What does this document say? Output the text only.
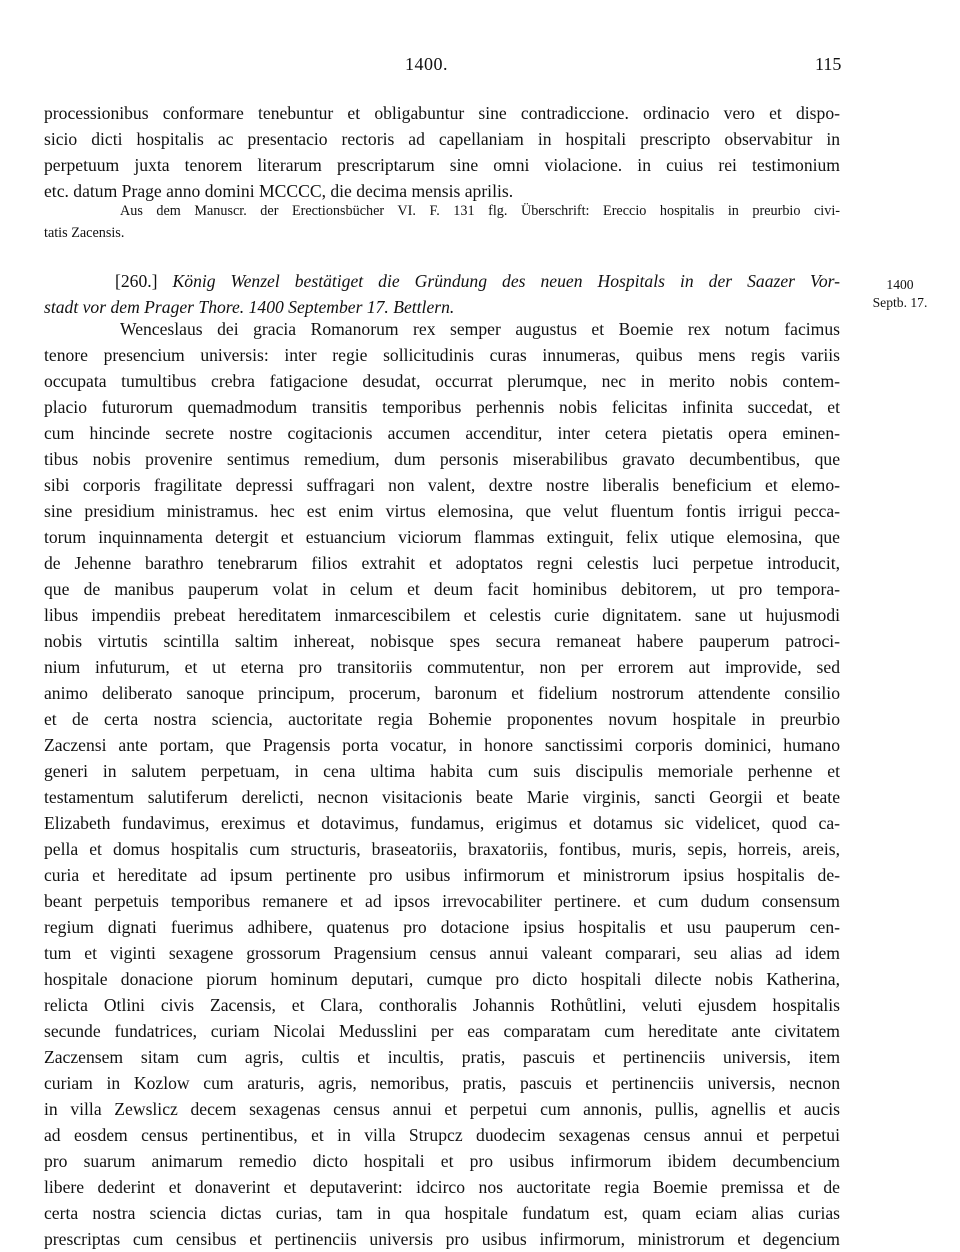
1400.	115
processionibus conformare tenebuntur et obligabuntur sine contradiccione. ordinacio vero et dispo-
sicio dicti hospitalis ac presentacio rectoris ad capellaniam in hospitali prescripto observabitur in
perpetuum juxta tenorem literarum prescriptarum sine omni violacione. in cuius rei testimonium
etc. datum Prage anno domini MCCCC, die decima mensis aprilis.
Aus dem Manuscr. der Erectionsbücher VI. F. 131 flg. Überschrift: Ereccio hospitalis in preurbio civi-
tatis Zacensis.
[260.] König Wenzel bestätiget die Gründung des neuen Hospitals in der Saazer Vor-
stadt vor dem Prager Thore. 1400 September 17. Bettlern.
1400
Septb. 17.
Wenceslaus dei gracia Romanorum rex semper augustus et Boemie rex notum facimus
tenore presencium universis: inter regie sollicitudinis curas innumeras, quibus mens regis variis
occupata tumultibus crebra fatigacione desudat, occurrat plerumque, nec in merito nobis contem-
placio futurorum quemadmodum transitis temporibus perhennis nobis felicitas infinita succedat, et
cum hincinde secrete nostre cogitacionis accumen accenditur, inter cetera pietatis opera eminen-
tibus nobis provenire sentimus remedium, dum personis miserabilibus gravato decumbentibus, que
sibi corporis fragilitate depressi suffragari non valent, dextre nostre liberalis beneficium et elemo-
sine presidium ministramus. hec est enim virtus elemosina, que velut fluentum fontis irrigui pecca-
torum inquinnamenta detergit et estuancium viciorum flammas extinguit, felix utique elemosina, que
de Jehenne barathro tenebrarum filios extrahit et adoptatos regni celestis luci perpetue introducit,
que de manibus pauperum volat in celum et deum facit hominibus debitorem, ut pro tempora-
libus impendiis prebeat hereditatem inmarcescibilem et celestis curie dignitatem. sane ut hujusmodi
nobis virtutis scintilla saltim inhereat, nobisque spes secura remaneat habere pauperum patroci-
nium infuturum, et ut eterna pro transitoriis commutentur, non per errorem aut improvide, sed
animo deliberato sanoque principum, procerum, baronum et fidelium nostrorum attendente consilio
et de certa nostra sciencia, auctoritate regia Bohemie proponentes novum hospitale in preurbio
Zaczensi ante portam, que Pragensis porta vocatur, in honore sanctissimi corporis dominici, humano
generi in salutem perpetuam, in cena ultima habita cum suis discipulis memoriale perhenne et
testamentum salutiferum derelicti, necnon visitacionis beate Marie virginis, sancti Georgii et beate
Elizabeth fundavimus, ereximus et dotavimus, fundamus, erigimus et dotamus sic videlicet, quod ca-
pella et domus hospitalis cum structuris, braseatoriis, braxatoriis, fontibus, muris, sepis, horreis, areis,
curia et hereditate ad ipsum pertinente pro usibus infirmorum et ministrorum ipsius hospitalis de-
beant perpetuis temporibus remanere et ad ipsos irrevocabiliter pertinere. et cum dudum consensum
regium dignati fuerimus adhibere, quatenus pro dotacione ipsius hospitalis et usu pauperum cen-
tum et viginti sexagene grossorum Pragensium census annui valeant comparari, seu alias ad idem
hospitale donacione piorum hominum deputari, cumque pro dicto hospitali dilecte nobis Katherina,
relicta Otlini civis Zacensis, et Clara, conthoralis Johannis Rothůtlini, veluti ejusdem hospitalis
secunde fundatrices, curiam Nicolai Medusslini per eas comparatam cum hereditate ante civitatem
Zaczensem sitam cum agris, cultis et incultis, pratis, pascuis et pertinenciis universis, item
curiam in Kozlow cum araturis, agris, nemoribus, pratis, pascuis et pertinenciis universis, necnon
in villa Zewslicz decem sexagenas census annui et perpetui cum annonis, pullis, agnellis et aucis
ad eosdem census pertinentibus, et in villa Strupcz duodecim sexagenas census annui et perpetui
pro suarum animarum remedio dicto hospitali et pro usibus infirmorum ibidem decumbencium
libere dederint et donaverint et deputaverint: idcirco nos auctoritate regia Boemie premissa et de
certa nostra sciencia dictas curias, tam in qua hospitale fundatum est, quam eciam alias curias
prescriptas cum censibus et pertinenciis universis pro usibus infirmorum, ministrorum et degencium
